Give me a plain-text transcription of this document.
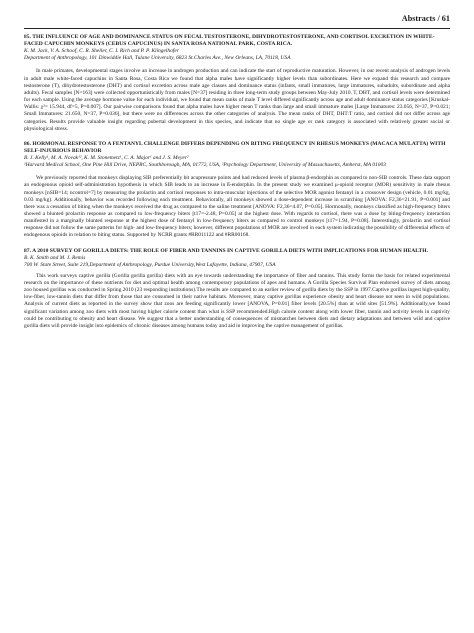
Abstracts / 61
85. THE INFLUENCE OF AGE AND DOMINANCE STATUS ON FECAL TESTOSTERONE, DIHYDROTESTOSTERONE, AND CORTISOL EXCRETION IN WHITE-FACED CAPUCHIN MONKEYS (CEBUS CAPUCINUS) IN SANTA ROSA NATIONAL PARK, COSTA RICA.
K. M. Jack, V. A. Schoof, C. R. Sheller, C. I. Rich and P. P. Klingelhofer
Department of Anthropology, 101 Dinwiddie Hall, Tulane University, 6823 St.Charles Ave., New Orleans, LA, 70118, USA
In male primates, developmental stages involve an increase in androgen production and can indicate the start of reproductive maturation. However, in our recent analysis of androgen levels in adult male white-faced capuchins in Santa Rosa, Costa Rica we found that alpha males have significantly higher levels than subordinates. Here we expand this research and compare testosterone (T), dihydrotestosterone (DHT) and cortisol excretion across male age classes and dominance status (infants, small immatures, large immatures, subadults, subordinate and alpha adults). Fecal samples [N=163] were collected opportunistically from males [N=37] residing in three long-term study groups between May-July 2010. T, DHT, and cortisol levels were determined for each sample. Using the average hormone value for each individual, we found that mean ranks of male T level differed significantly across age and adult dominance status categories [Kruskal-Wallis: χ²= 15.944, df=5, P=0.007]. Our pairwise comparisons found that alpha males have higher mean T ranks than large and small immature males [Large Immatures: 23.056, N=37, P=0.021; Small Immatures: 21.650, N=37, P=0.036], but there were no differences across the other categories of analysis. The mean ranks of DHT, DHT:T ratio, and cortisol did not differ across age categories. Results provide valuable insight regarding pubertal development in this species, and indicate that no single age or rank category is associated with relatively greater social or physiological stress.
86. HORMONAL RESPONSE TO A FENTANYL CHALLENGE DIFFERS DEPENDING ON BITING FREQUENCY IN RHESUS MONKEYS (MACACA MULATTA) WITH SELF-INJURIOUS BEHAVIOR
B. J. Kelly¹, M. A. Novak¹², K. M. Stonemetz¹, C. A. Major¹ and J. S. Meyer²
¹Harvard Medical School, One Pine Hill Drive, NEPRC, Southborough, MA, 01772, USA, ²Psychology Department, University of Massachusetts, Amherst, MA 01003
We previously reported that monkeys displaying SIB preferentially bit acupressure points and had reduced levels of plasma β-endorphin as compared to non-SIB controls. These data support an endogenous opioid self-administration hypothesis in which SIB leads to an increase in ß-endorphin. In the present study we examined μ-opioid receptor (MOR) sensitivity in male rhesus monkeys [nSIB=14; ncontrol=7] by measuring the prolactin and cortisol responses to intra-muscular injections of the selective MOR agonist fentanyl in a crossover design (vehicle, 0.01 mg/kg, 0.03 mg/kg). Additionally, behavior was recorded following each treatment. Behaviorally, all monkeys showed a dose-dependent increase in scratching [ANOVA: F2,36=21.91, P=0.001] and there was a cessation of biting when the monkeys received the drug as compared to the saline treatment [ANOVA: F2,36=4.07, P=0.05]. Hormonally, monkeys classified as high-frequency biters showed a blunted prolactin response as compared to low-frequency biters [t17=-2.48, P=0.05] at the highest dose. With regards to cortisol, there was a dose by biting-frequency interaction manifested in a marginally blunted response at the highest dose of fentanyl in low-frequency biters as compared to control monkeys [t17=1.94, P=0.08]. Interestingly, prolactin and cortisol response did not follow the same patterns for high- and low-frequency biters; however, different populations of MOR are involved in each system indicating the possibility of differential effects of endogenous opioids in relation to biting status. Supported by NCRR grants #RR011122 and #RR00168.
87. A 2010 SURVEY OF GORILLA DIETS: THE ROLE OF FIBER AND TANNINS IN CAPTIVE GORILLA DIETS WITH IMPLICATIONS FOR HUMAN HEALTH.
B. K. Smith and M. J. Remis
700 W. State Street, Suite 219,Department of Anthropology, Purdue University,West Lafayette, Indiana, 47907, USA
This work surveys captive gorilla (Gorilla gorilla gorilla) diets with an eye towards understanding the importance of fiber and tannins. This study forms the basis for related experimental research on the importance of these nutrients for diet and optimal health among contemporary populations of apes and humans. A Gorilla Species Survival Plan endorsed survey of diets among zoo housed gorillas was conducted in Spring 2010 (23 responding institutions).The results are compared to an earlier review of gorilla diets by the SSP in 1997.Captive gorillas ingest high-quality, low-fiber, low-tannin diets that differ from those that are consumed in their native habitats. Moreover, many captive gorillas experience obesity and heart disease not seen in wild populations. Analysis of current diets as reported in the survey show that zoos are feeding significantly lower [ANOVA, P=0.01] fiber levels [20.5%] than at wild sites [51.9%]. Additionally,we found significant variation among zoo diets with most having higher calorie content than what is SSP recommended.High calorie content along with lower fiber, tannin and activity levels in captivity could be contributing to obesity and heart disease. We suggest that a better understanding of consequences of mismatches between diets and dietary adaptations and between wild and captive gorilla diets will provide insight into epidemics of chronic diseases among humans today and aid in improving the captive management of gorillas.
